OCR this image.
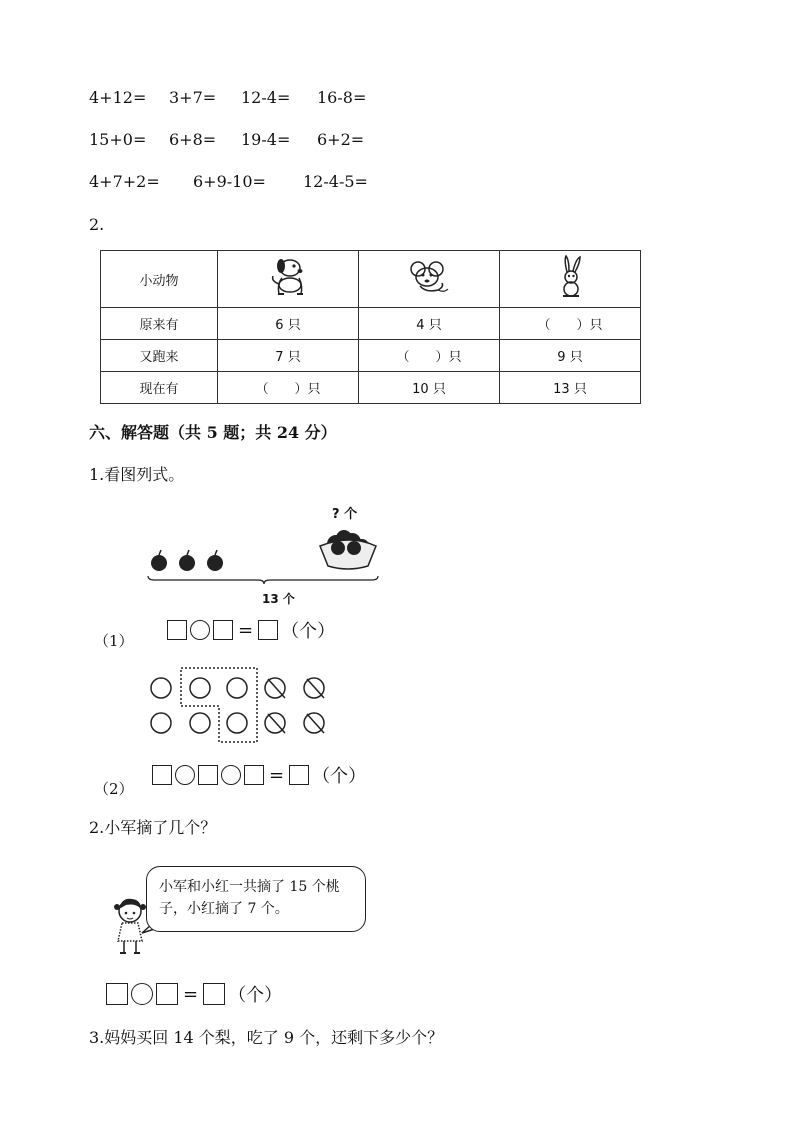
4+12= 3+7= 12-4= 16-8=
15+0= 6+8= 19-4= 6+2=
4+7+2= 6+9-10= 12-4-5=
2.
小动物			
原来有	6 只	4 只	（　　）只
又跑来	7 只	（　　）只	9 只
现在有	（　　）只	10 只	13 只
六、解答题（共 5 题；共 24 分）
1.看图列式。
? 个
13 个
（1）
= （个）
（2）
= （个）
2.小军摘了几个？
小军和小红一共摘了 15 个桃子，小红摘了 7 个。
= （个）
3.妈妈买回 14 个梨，吃了 9 个，还剩下多少个？
